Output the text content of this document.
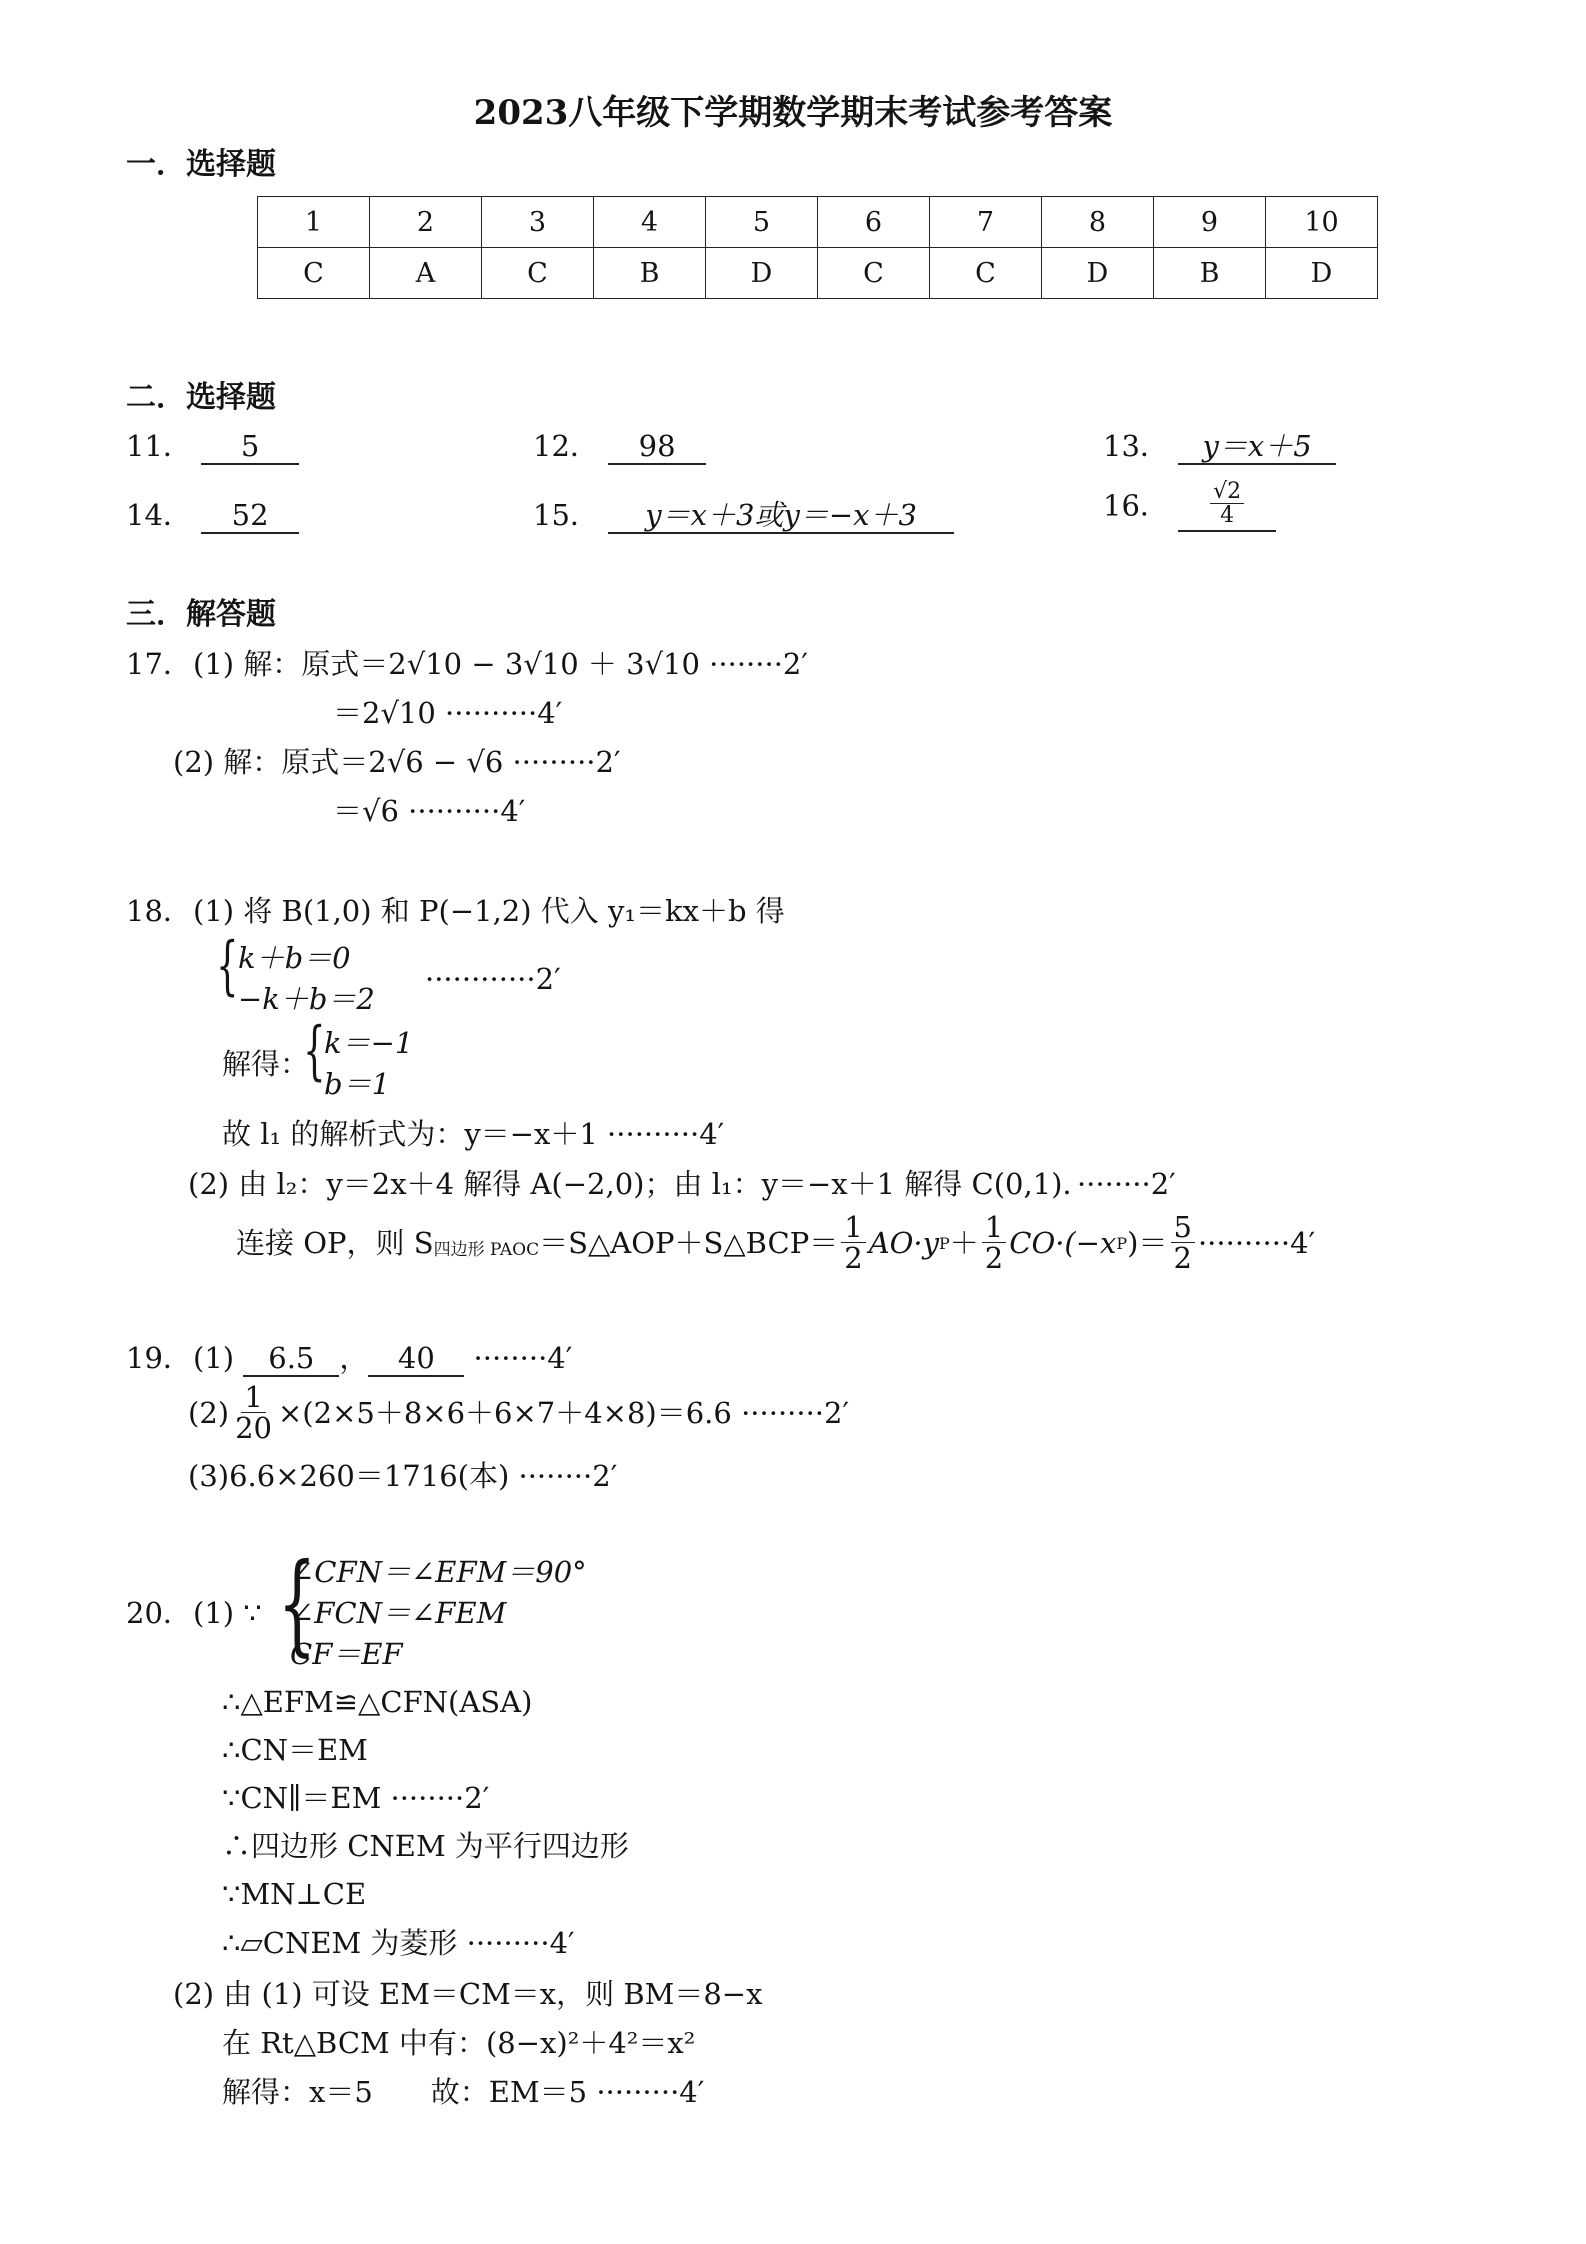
2023八年级下学期数学期末考试参考答案
一．选择题
1	2	3	4	5	6	7	8	9	10
C	A	C	B	D	C	C	D	B	D
二．选择题
11． 5	12． 98	13． y＝x＋5
14． 52	15． y＝x＋3或y＝−x＋3	16． $\frac{√2}{4}$
三．解答题
17． (1) 解：原式＝2√10 − 3√10 ＋ 3√10 ········2′
＝2√10 ··········4′
(2) 解：原式＝2√6 − √6 ·········2′
＝√6 ··········4′
18． (1) 将 B(1,0) 和 P(−1,2) 代入 y₁＝kx＋b 得
{ k＋b＝0
−k＋b＝2
············2′
解得：
{
k＝−1
b＝1
故 l₁ 的解析式为：y＝−x＋1 ··········4′
(2) 由 l₂：y＝2x＋4 解得 A(−2,0)；由 l₁：y＝−x＋1 解得 C(0,1)．········2′
连接 OP，则 $S_{四边形 PAOC}$ ＝S△AOP＋S△BCP＝ $\frac{1}{2} AO\cdot y$ $P + \frac{1}{2} CO\cdot(-x$ P )＝ $\frac{5}{2} \cdot\cdot\cdot\cdot\cdot\cdot\cdot\cdot\cdot\cdot 4'$
19． (1) 6.5 ， 40 ········4′
$(2) \frac{1}{20} \times(2\times 5+8\times 6+6\times 7+4\times 8)=6.6 \cdot\cdot\cdot\cdot\cdot\cdot\cdot\cdot\cdot 2'$
(3)6.6×260＝1716(本) ········2′
20． (1) ∵ {
∠CFN＝∠EFM＝90°
∠FCN＝∠FEM
CF＝EF
∴△EFM≌△CFN(ASA)
∴CN＝EM
∵CN∥＝EM ········2′
∴四边形 CNEM 为平行四边形
∵MN⊥CE
∴▱CNEM 为菱形 ·········4′
(2) 由 (1) 可设 EM＝CM＝x，则 BM＝8−x
在 Rt△BCM 中有：(8−x)²＋4²＝x²
解得：x＝5　　故：EM＝5 ·········4′
